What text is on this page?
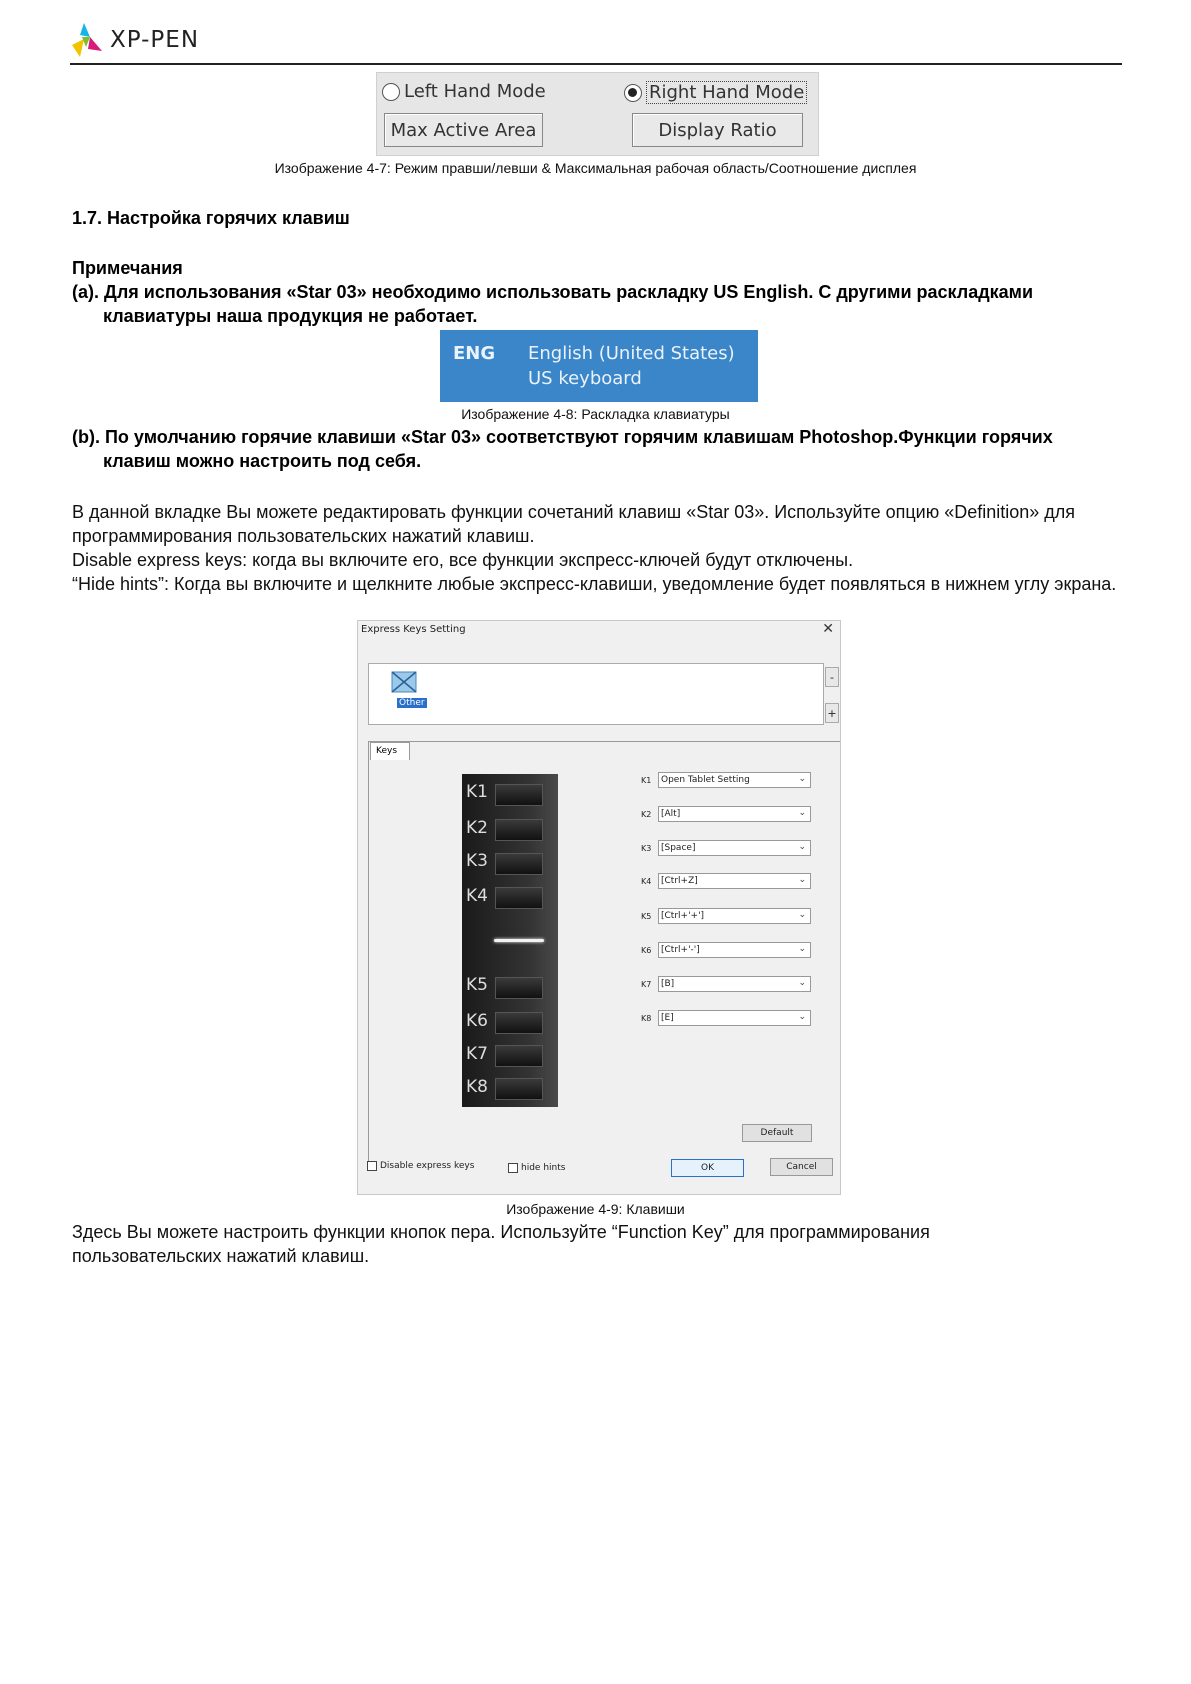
XP-PEN
Left Hand Mode	Right Hand Mode
Max Active Area	Display Ratio
Изображение 4-7: Режим правши/левши & Максимальная рабочая область/Соотношение дисплея
1.7. Настройка горячих клавиш
Примечания
(a). Для использования «Star 03» необходимо использовать раскладку US English. С другими раскладками
клавиатуры наша продукция не работает.
ENG English (United States)
US keyboard
Изображение 4-8: Раскладка клавиатуры
(b). По умолчанию горячие клавиши «Star 03» соответствуют горячим клавишам Photoshop.Функции горячих
клавиш можно настроить под себя.
В данной вкладке Вы можете редактировать функции сочетаний клавиш «Star 03». Используйте опцию «Definition» для программирования пользовательских нажатий клавиш.
Disable express keys: когда вы включите его, все функции экспресс-ключей будут отключены.
“Hide hints”: Когда вы включите и щелкните любые экспресс-клавиши, уведомление будет появляться в нижнем углу экрана.
Express Keys Setting	✕
Other
-
+
Keys
K1
K2
K3
K4
K5
K6
K7
K8
K1	Open Tablet Setting	⌄
K2	[Alt]	⌄
K3	[Space]	⌄
K4	[Ctrl+Z]	⌄
K5	[Ctrl+'+']	⌄
K6	[Ctrl+'-']	⌄
K7	[B]	⌄
K8	[E]	⌄
Default
Disable express keys	hide hints	OK	Cancel
Изображение 4-9: Клавиши
Здесь Вы можете настроить функции кнопок пера. Используйте “Function Key” для программирования пользовательских нажатий клавиш.
